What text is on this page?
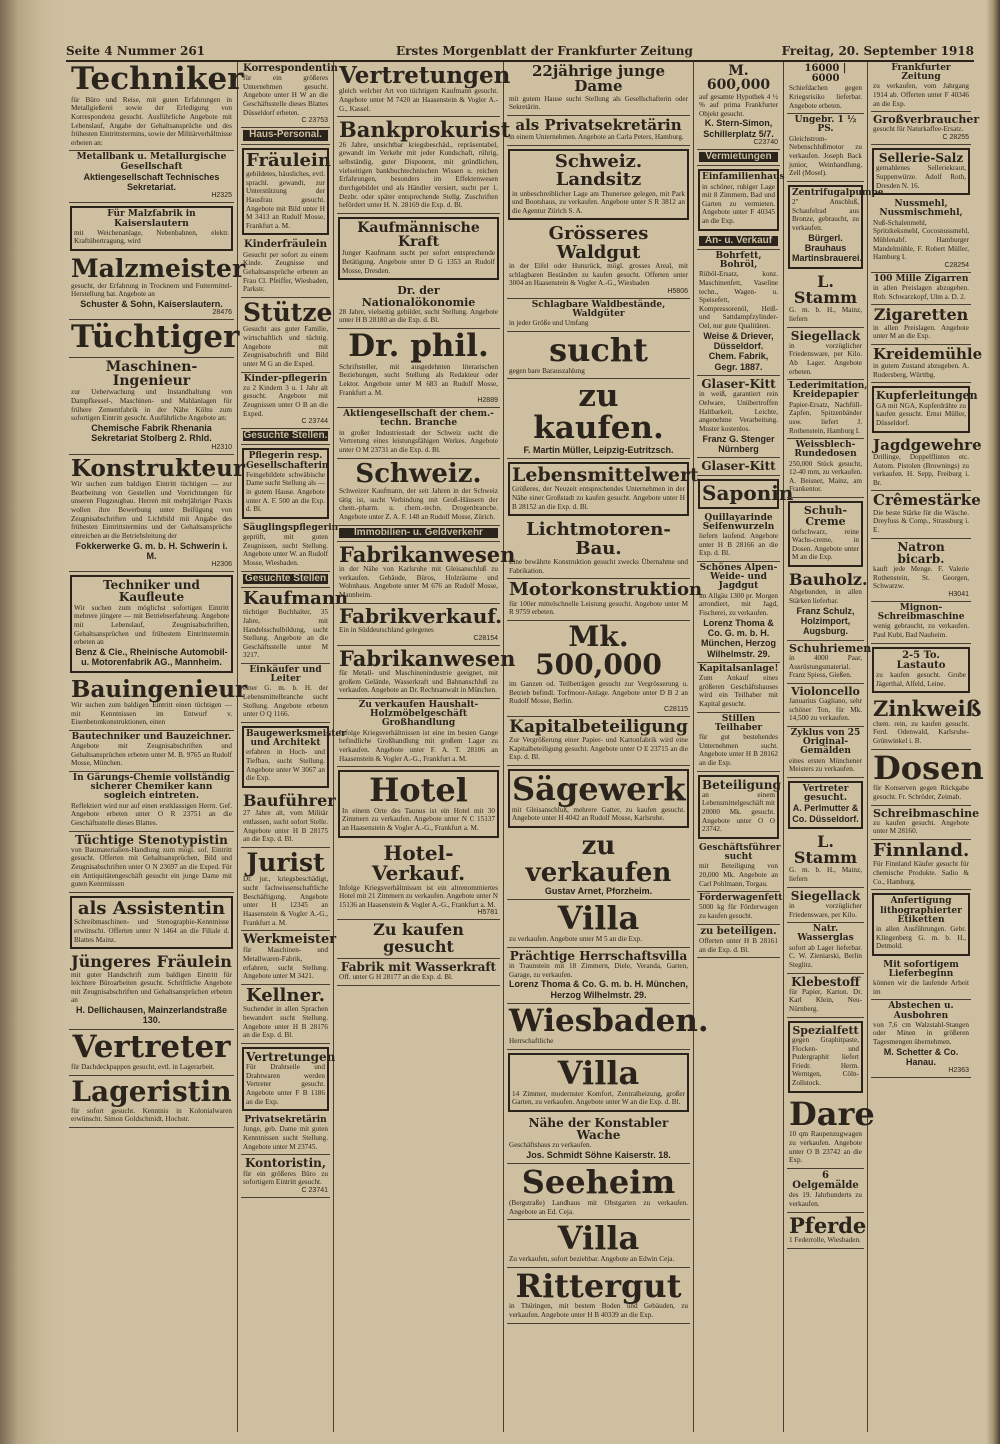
Seite 4 Nummer 261	Erstes Morgenblatt der Frankfurter Zeitung	Freitag, 20. September 1918
Techniker
für Büro und Reise, mit guten Erfahrungen in Metallgießerei sowie der Erledigung von Korrespondenz gesucht. Ausführliche Angebote mit Lebenslauf, Angabe der Gehaltsansprüche und des frühesten Eintrittstermins, sowie der Militärverhältnisse erbeten an:
Metallbank u. Metallurgische Gesellschaft
Aktiengesellschaft Technisches Sekretariat.
H2325
Für Malzfabrik in Kaiserslautern
mit Weichenanlage, Nebenbahnen, elektr. Kraftübertragung, wird
Malzmeister
gesucht, der Erfahrung in Trocknern und Futtermittel-Herstellung hat. Angebote an
Schuster & Sohn, Kaiserslautern.
28476
Tüchtiger
Maschinen-Ingenieur
zur Ueberwachung und Instandhaltung von Dampfkessel-, Maschinen- und Mahlanlagen für frühere Zementfabrik in der Nähe Kölns zum sofortigen Eintritt gesucht. Ausführliche Angebote an:
Chemische Fabrik Rhenania Sekretariat Stolberg 2. Rhld.
H2310
Konstrukteur
Wir suchen zum baldigen Eintritt tüchtigen — zur Bearbeitung von Gestellen und Vorrichtungen für unseren Flugzeugbau. Herren mit mehrjähriger Praxis wollen ihre Bewerbung unter Beifügung von Zeugnisabschriften und Lichtbild mit Angabe des frühesten Eintrittstermins und der Gehaltsansprüche einreichen an die Betriebsleitung der
Fokkerwerke G. m. b. H. Schwerin i. M.
H2306
Techniker und Kaufleute
Wir suchen zum möglichst sofortigen Eintritt mehrere jüngere — mit Betriebserfahrung. Angebote mit Lebenslauf, Zeugnisabschriften, Gehaltsansprüchen und frühestem Eintrittstermin erbeten an
Benz & Cie., Rheinische Automobil- u. Motorenfabrik AG., Mannheim.
Bauingenieur
Wir suchen zum baldigen Eintritt einen tüchtigen — mit Kenntnissen im Entwurf v. Eisenbetonkonstruktionen, einen
Bautechniker und Bauzeichner.
Angebote mit Zeugnisabschriften und Gehaltsansprüchen erbeten unter M. B. 9765 an Rudolf Mosse, München.
In Gärungs-Chemie vollständig sicherer Chemiker kann sogleich eintreten.
Reflektiert wird nur auf einen erstklassigen Herrn. Gef. Angebote erbeten unter O R 23751 an die Geschäftsstelle dieses Blattes.
Tüchtige Stenotypistin
von Baumaterialien-Handlung zum mögl. sof. Eintritt gesucht. Offerten mit Gehaltsansprüchen, Bild und Zeugnisabschriften unter O N 23697 an die Exped. Für ein Antiquitätengeschäft gesucht ein junge Dame mit guten Kenntnissen
als Assistentin
Schreibmaschinen- und Stenographie-Kenntnisse erwünscht. Offerten unter N 1464 an die Filiale d. Blattes Mainz.
Jüngeres Fräulein
mit guter Handschrift zum baldigen Eintritt für leichtere Büroarbeiten gesucht. Schriftliche Angebote mit Zeugnisabschriften und Gehaltsansprüchen erbeten an
H. Dellichausen, Mainzerlandstraße 130.
Vertreter
für Dachdeckpappen gesucht, evtl. in Lagerarbeit.
Lageristin
für sofort gesucht. Kenntnis in Kolonialwaren erwünscht. Simon Goldschmidt, Hochstr.
Korrespondentin
für ein größeres Unternehmen gesucht. Angebote unter H W an die Geschäftsstelle dieses Blattes Düsseldorf erbeten.
C 23753
Haus-Personal.
Fräulein
gebildetes, häusliches, evtl. sprachl. gewandt, zur Unterstützung der Hausfrau gesucht. Angebote mit Bild unter H M 3413 an Rudolf Mosse, Frankfurt a. M.
Kinderfräulein
Gesucht per sofort zu einem Kinde. Zeugnisse und Gehaltsansprüche erbeten an Frau Cl. Pfeiffer, Wiesbaden, Parkstr.
Stütze
Gesucht aus guter Familie, wirtschaftlich und tüchtig. Angebote mit Zeugnisabschrift und Bild unter M G an die Exped.
Kinder-pflegerin
zu 2 Kindern 3 u. 1 Jahr alt gesucht. Angebote mit Zeugnissen unter O B an die Exped.
C 23744
Gesuchte Stellen.
Pflegerin resp. Gesellschafterin
Feingebildete schwäbische Dame sucht Stellung als — in gutem Hause. Angebote unter A. F. 500 an die Exp. d. Bl.
Säuglingspflegerin
geprüft, mit guten Zeugnissen, sucht Stellung. Angebote unter W. an Rudolf Mosse, Wiesbaden.
Gesuchte Stellen
Kaufmann
tüchtiger Buchhalter, 35 Jahre, mit Handelsschulbildung, sucht Stellung. Angebote an die Geschäftsstelle unter M 3217.
Einkäufer und Leiter
einer G. m. b. H. der Lebensmittelbranche sucht Stellung. Angebote erbeten unter O Q 1166.
Baugewerksmeister und Architekt
erfahren in Hoch- und Tiefbau, sucht Stellung. Angebote unter W 3067 an die Exp.
Bauführer
27 Jahre alt, vom Militär entlassen, sucht sofort Stelle. Angebote unter H B 28175 an die Exp. d. Bl.
Jurist
Dr. jur., kriegsbeschädigt, sucht fachwissenschaftliche Beschäftigung. Angebote unter H 12345 an Haasenstein & Vogler A.-G., Frankfurt a. M.
Werkmeister
für Maschinen- und Metallwaren-Fabrik, erfahren, sucht Stellung. Angebote unter M 3421.
Kellner.
Suchender in allen Sprachen bewandert sucht Stellung. Angebote unter H B 28176 an die Exp. d. Bl.
Vertretungen
Für Drahtseile und Drahtwaren werden Vertreter gesucht. Angebote unter F B 1186 an die Exp.
Privatsekretärin
Junge, geb. Dame mit guten Kenntnissen sucht Stellung. Angebote unter M 23745.
Kontoristin,
für ein größeres Büro zu sofortigem Eintritt gesucht.
C 23741
Vertretungen
gleich welcher Art von tüchtigem Kaufmann gesucht. Angebote unter M 7420 an Haasenstein & Vogler A.-G., Kassel.
Bankprokurist
26 Jahre, unsichtbar kriegsbeschäd., repräsentabel, gewandt im Verkehr mit jeder Kundschaft, rührig, selbständig, guter Disponent, mit gründlichen, vielseitigen bankbuchtechnischen Wissen u. reichen Erfahrungen, besonders im Effektenwesen durchgebildet und als Händler versiert, sucht per 1. Dezbr. oder später entsprechende Stellg. Zuschriften befördert unter H. N. 28169 die Exp. d. Bl.
Kaufmännische Kraft
Junger Kaufmann sucht per sofort entsprechende Betätigung. Angebote unter D G 1353 an Rudolf Mosse, Dresden.
Dr. der Nationalökonomie
28 Jahre, vielseitig gebildet, sucht Stellung. Angebote unter H B 28180 an die Exp. d. Bl.
Dr. phil.
Schriftsteller, mit ausgedehnten literarischen Beziehungen, sucht Stellung als Redakteur oder Lektor. Angebote unter M 683 an Rudolf Mosse, Frankfurt a. M.
H2889
Aktiengesellschaft der chem.-techn. Branche
in großer Industriestadt der Schweiz sucht die Vertretung eines leistungsfähigen Werkes. Angebote unter O M 23731 an die Exp. d. Bl.
Schweiz.
Schweizer Kaufmann, der seit Jahren in der Schweiz tätig ist, sucht Verbindung mit Groß-Häusern der chem.-pharm. u. chem.-techn. Drogenbranche. Angebote unter Z. A. F. 148 an Rudolf Mosse, Zürich.
Immobilien- u. Geldverkehr
Fabrikanwesen
in der Nähe von Karlsruhe mit Gleisanschluß zu verkaufen. Gebäude, Büros, Holzräume und Wohnhaus. Angebote unter M 676 an Rudolf Mosse, Mannheim.
Fabrikverkauf.
Ein in Süddeutschland gelegenes
C28154
Fabrikanwesen
für Metall- und Maschinenindustrie geeignet, mit großem Gelände, Wasserkraft und Bahnanschluß zu verkaufen. Angebote an Dr. Rechtsanwalt in München.
Zu verkaufen Haushalt-Holzmöbelgeschäft Großhandlung
Infolge Kriegsverhältnissen ist eine im besten Gange befindliche Großhandlung mit großem Lager zu verkaufen. Angebote unter F. A. T. 28106 an Haasenstein & Vogler A.-G., Frankfurt a. M.
Hotel
In einem Orte des Taunus ist ein Hotel mit 30 Zimmern zu verkaufen. Angebote unter N C 15137 an Haasenstein & Vogler A.-G., Frankfurt a. M.
Hotel-Verkauf.
Infolge Kriegsverhältnissen ist ein altrenommiertes Hotel mit 21 Zimmern zu verkaufen. Angebote unter N 15136 an Haasenstein & Vogler A.-G., Frankfurt a. M.
H5781
Zu kaufen gesucht
Fabrik mit Wasserkraft
Off. unter G H 28177 an die Exp. d. Bl.
22jährige junge Dame
mit gutem Hause sucht Stellung als Gesellschafterin oder Sekretärin.
als Privatsekretärin
in einem Unternehmen. Angebote an Carla Peters, Hamburg.
Schweiz. Landsitz
in unbeschreiblicher Lage am Thunersee gelegen, mit Park und Bootshaus, zu verkaufen. Angebote unter S R 3812 an die Agentur Zürich S. A.
Grösseres Waldgut
in der Eifel oder Hunsrück, mögl. grosses Areal, mit schlagbaren Beständen zu kaufen gesucht. Offerten unter 3004 an Haasenstein & Vogler A.-G., Wiesbaden
H5806
Schlagbare Waldbestände, Waldgüter
in jeder Größe und Umfang
sucht
gegen bare Barauszahlung
zu kaufen.
F. Martin Müller, Leipzig-Eutritzsch.
Lebensmittelwert
Größeres, der Neuzeit entsprechendes Unternehmen in der Nähe einer Großstadt zu kaufen gesucht. Angebote unter H B 28152 an die Exp. d. Bl.
Lichtmotoren-Bau.
Eine bewährte Konstruktion gesucht zwecks Übernahme und Fabrikation.
Motorkonstruktion
für 100er mittelschnelle Leistung gesucht. Angebote unter M R 9759 erbeten.
Mk. 500,000
im Ganzen od. Teilbeträgen gesucht zur Vergrösserung u. Betrieb befindl. Torfmoor-Anlage. Angebote unter D B 2 an Rudolf Mosse, Berlin.
C28115
Kapitalbeteiligung
Zur Vergrößerung einer Papier- und Kartonfabrik wird eine Kapitalbeteiligung gesucht. Angebote unter O E 23715 an die Exp. d. Bl.
Sägewerk
mit Gleisanschluß, mehrere Gatter, zu kaufen gesucht. Angebote unter H 4042 an Rudolf Mosse, Karlsruhe.
zu verkaufen
Gustav Arnet, Pforzheim.
Villa
zu verkaufen. Angebote unter M 5 an die Exp.
Prächtige Herrschaftsvilla
in Traunstein mit 18 Zimmern, Diele, Veranda, Garten, Garage, zu verkaufen.
Lorenz Thoma & Co. G. m. b. H. München, Herzog Wilhelmstr. 29.
Wiesbaden.
Herrschaftliche
Villa
14 Zimmer, modernster Komfort, Zentralheizung, großer Garten, zu verkaufen. Angebote unter W an die Exp. d. Bl.
Nähe der Konstabler Wache
Geschäftshaus zu verkaufen.
Jos. Schmidt Söhne Kaiserstr. 18.
Seeheim
(Bergstraße) Landhaus mit Obstgarten zu verkaufen. Angebote an Ed. Ceja.
Villa
Zu verkaufen, sofort beziehbar. Angebote an Edwin Ceja.
Rittergut
in Thüringen, mit bestem Boden und Gebäuden, zu verkaufen. Angebote unter H B 40339 an die Exp.
M. 600,000
auf gesamte Hypothek 4 ½ % auf prima Frankfurter Objekt gesucht.
K. Stern-Simon, Schillerplatz 5/7.
C23740
Vermietungen
Einfamilienhaus
in schöner, ruhiger Lage mit 8 Zimmern, Bad und Garten zu vermieten. Angebote unter F 40345 an die Exp.
An- u. Verkauf
Bohrfett, Bohröl,
Rüböl-Ersatz, konz. Maschinenfett, Vaseline techn., Wagen- u. Speisefett, Kompressorenöl, Heiß- und Sattdampfzylinder-Oel, nur gute Qualitäten.
Weise & Driever, Düsseldorf. Chem. Fabrik, Gegr. 1887.
Glaser-Kitt
in weiß, garantiert rein Oelware, Unübertroffen Haltbarkeit, Leichte, angenehme Verarbeitung. Muster kostenlos.
Franz G. Stenger Nürnberg
Glaser-Kitt
Saponin
Quillayarinde Seifenwurzeln
liefern laufend. Angebote unter H B 28166 an die Exp. d. Bl.
Schönes Alpen-Weide- und Jagdgut
im Allgäu 1300 pr. Morgen arrondiert, mit Jagd, Fischerei, zu verkaufen.
Lorenz Thoma & Co. G. m. b. H. München, Herzog Wilhelmstr. 29.
Kapitalsanlage!
Zum Ankauf eines größeren Geschäftshauses wird ein Teilhaber mit Kapital gesucht.
Stillen Teilhaber
für gut bestehendes Unternehmen sucht. Angebote unter H B 28162 an die Exp.
Beteiligung
an einem Lebensmittelgeschäft mit 20000 Mk. gesucht. Angebote unter O O 23742.
Geschäftsführer sucht
mit Beteiligung von 20,000 Mk. Angebote an Carl Pohlmann, Torgau.
Förderwagenfett
5000 kg für Förderwagen zu kaufen gesucht.
zu beteiligen.
Offerten unter H B 28161 an die Exp. d. Bl.
16000 | 6000
Schiefdachen gegen Kriegsrisiko lieferbar. Angebote erbeten.
Ungebr. 1 ½ PS.
Gleichstrom-Nebenschlußmotor zu verkaufen. Joseph Back junior, Weinhandlung, Zell (Mosel).
Zentrifugalpumpe
2" Anschluß, Schaufelrad aus Bronze, gebraucht, zu verkaufen.
Bürgerl. Brauhaus Martinsbrauerei.
L. Stamm
G. m. b. H., Mainz, liefern
Siegellack
in vorzüglicher Friedensware, per Kilo. Ab Lager. Angebote erbeten.
Lederimitation, Kreidepapier
Papier-Ersatz, Nachfüll-Zapfen, Spitzenbänder usw. liefert J. Rothenstein, Hamburg I.
Weissblech-Rundedosen
250,000 Stück gesucht, 12-40 mm, zu verkaufen. A. Beisner, Mainz, am Frankentor.
Schuh-Creme
tiefschwarz, reine Wachs-creme, in Dosen. Angebote unter M an die Exp.
Bauholz.
Abgebunden, in allen Stärken lieferbar.
Franz Schulz, Holzimport, Augsburg.
Schuhriemen
in 4000 Paar, Ausrüstungsmaterial. Franz Spiess, Gießen.
Violoncello
Januarius Gagliano, sehr schöner Ton, für Mk. 14,500 zu verkaufen.
Zyklus von 25 Original-Gemälden
eines ersten Münchener Meisters zu verkaufen.
Vertreter gesucht.
A. Perlmutter & Co. Düsseldorf.
L. Stamm
G. m. b. H., Mainz, liefern
Siegellack
in vorzüglicher Friedensware, per Kilo.
Natr. Wasserglas
sofort ab Lager lieferbar. C. W. Zieniarski, Berlin Steglitz.
Klebestoff
für Papier, Karton. Dr. Karl Klein, Neu-Nürnberg.
Spezialfett
gegen Graphitpaste, Flocken- und Pudergraphit liefert Friedr. Herm. Werntgen, Cöln-Zollstock.
Dare
10 qm Raupenzugwagen zu verkaufen. Angebote unter O B 23742 an die Exp.
6 Oelgemälde
des 19. Jahrhunderts zu verkaufen.
Pferde
1 Federrolle, Wiesbaden.
Frankfurter Zeitung
zu verkaufen, vom Jahrgang 1914 ab. Offerten unter F 40346 an die Exp.
Großverbraucher
gesucht für Naturkaffee-Ersatz.
C 28255
Sellerie-Salz
gemahlenes Selleriekraut, Suppenwürze. Adolf Roth, Dresden N. 16.
Nussmehl, Nussmischmehl,
Nuß-Schalenmehl, Spritzkeksmehl, Cocosnussmehl, Mühlenabf. Hamburger Mandelmühle, F. Robert Müller, Hamburg I.
C28254
100 Mille Zigarren
in allen Preislagen abzugeben. Rob. Schwarzkopf, Ulm a. D. 2.
Zigaretten
in allen Preislagen. Angebote unter M an die Exp.
Kreidemühle
in gutem Zustand abzugeben. A. Rudersberg, Württbg.
Kupferleitungen
GA mit NGA, Kupferdrähte zu kaufen gesucht. Ernst Müller, Düsseldorf.
Jagdgewehre
Drillinge, Doppelflinten etc. Autom. Pistolen (Brownings) zu verkaufen. H. Sepp, Freiburg i. Br.
Crêmestärke
Die beste Stärke für die Wäsche. Dreyfuss & Comp., Strassburg i. E.
Natron bicarb.
kauft jede Menge. F. Valerie Rothenstein, St. Georgen, Schwarzw.
H3041
Mignon-Schreibmaschine
wenig gebraucht, zu verkaufen. Paul Kubi, Bad Nauheim.
2-5 To. Lastauto
zu kaufen gesucht. Grube Jägerthal, Alfeld, Leine.
Zinkweiß
chem. rein, zu kaufen gesucht. Ferd. Odenwald, Karlsruhe-Grünwinkel i. B.
Dosen
für Konserven gegen Rückgabe gesucht. Fr. Schröder, Zeimab.
Schreibmaschine
zu kaufen gesucht. Angebote unter M 28160.
Finnland.
Für Finnland Käufer gesucht für chemische Produkte. Sadio & Co., Hamburg.
Anfertigung lithographierter Etiketten
in allen Ausführungen. Gebr. Klingenberg G. m. b. H., Detmold.
Mit sofortigem Lieferbeginn
können wir die laufende Arbeit im
Abstechen u. Ausbohren
von 7,6 cm Walzstahl-Stangen oder Minen in größeren Tagesmengen übernehmen.
M. Schetter & Co. Hanau.
H2363
